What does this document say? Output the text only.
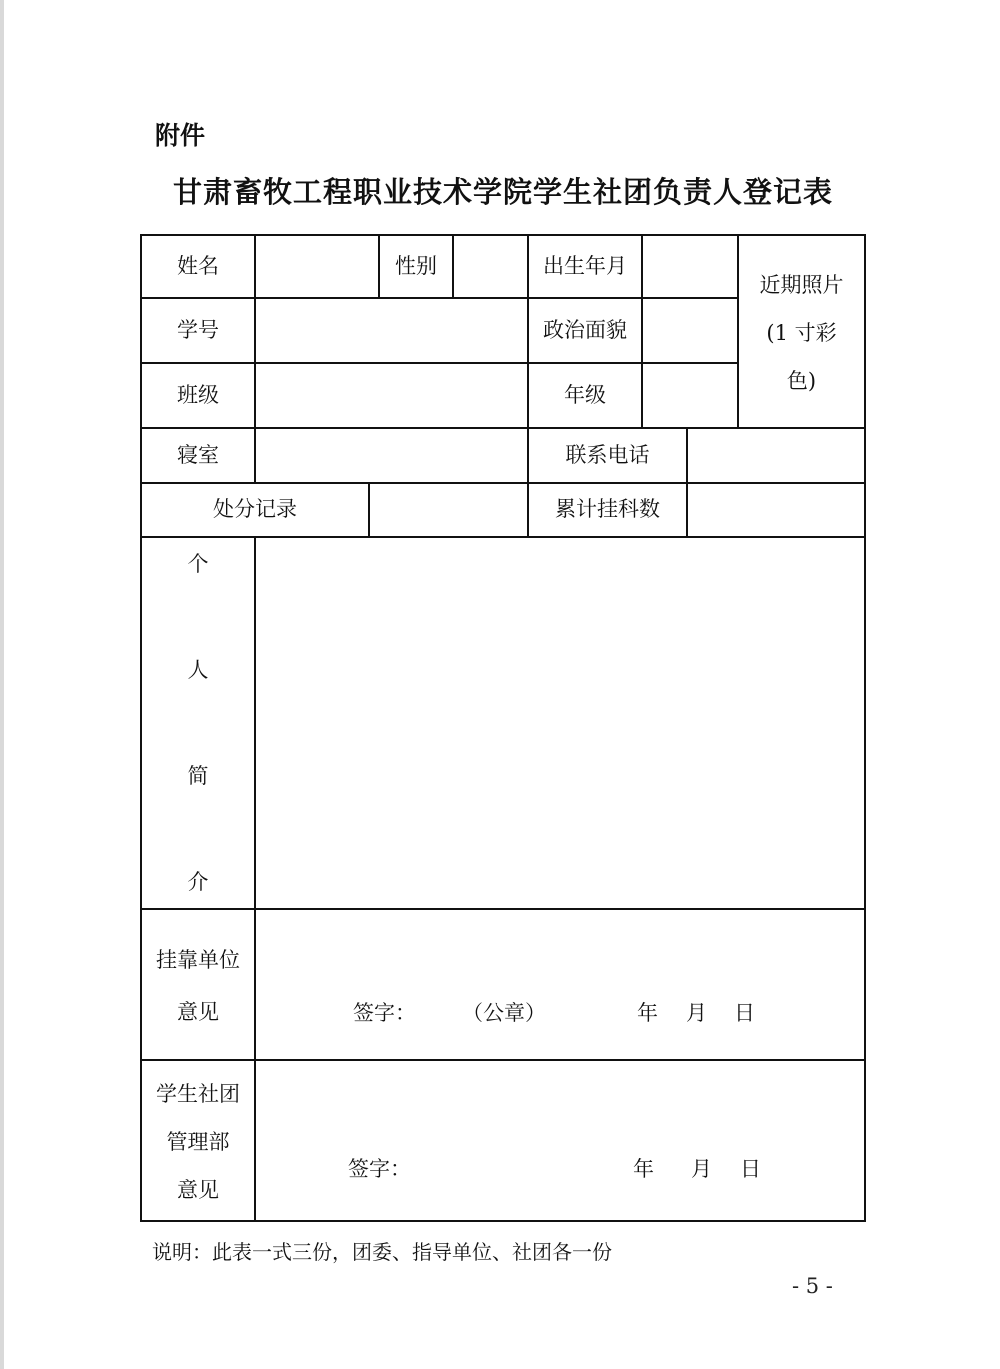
附件
甘肃畜牧工程职业技术学院学生社团负责人登记表
姓名	性别	出生年月
近期照片
(1 寸彩
色)
学号	政治面貌
班级	年级
寝室	联系电话
处分记录	累计挂科数
个
人
简
介
挂靠单位
意见	签字： （公章）	年 月 日
学生社团
管理部
意见
签字：	年 月 日
说明：此表一式三份，团委、指导单位、社团各一份
- 5 -
